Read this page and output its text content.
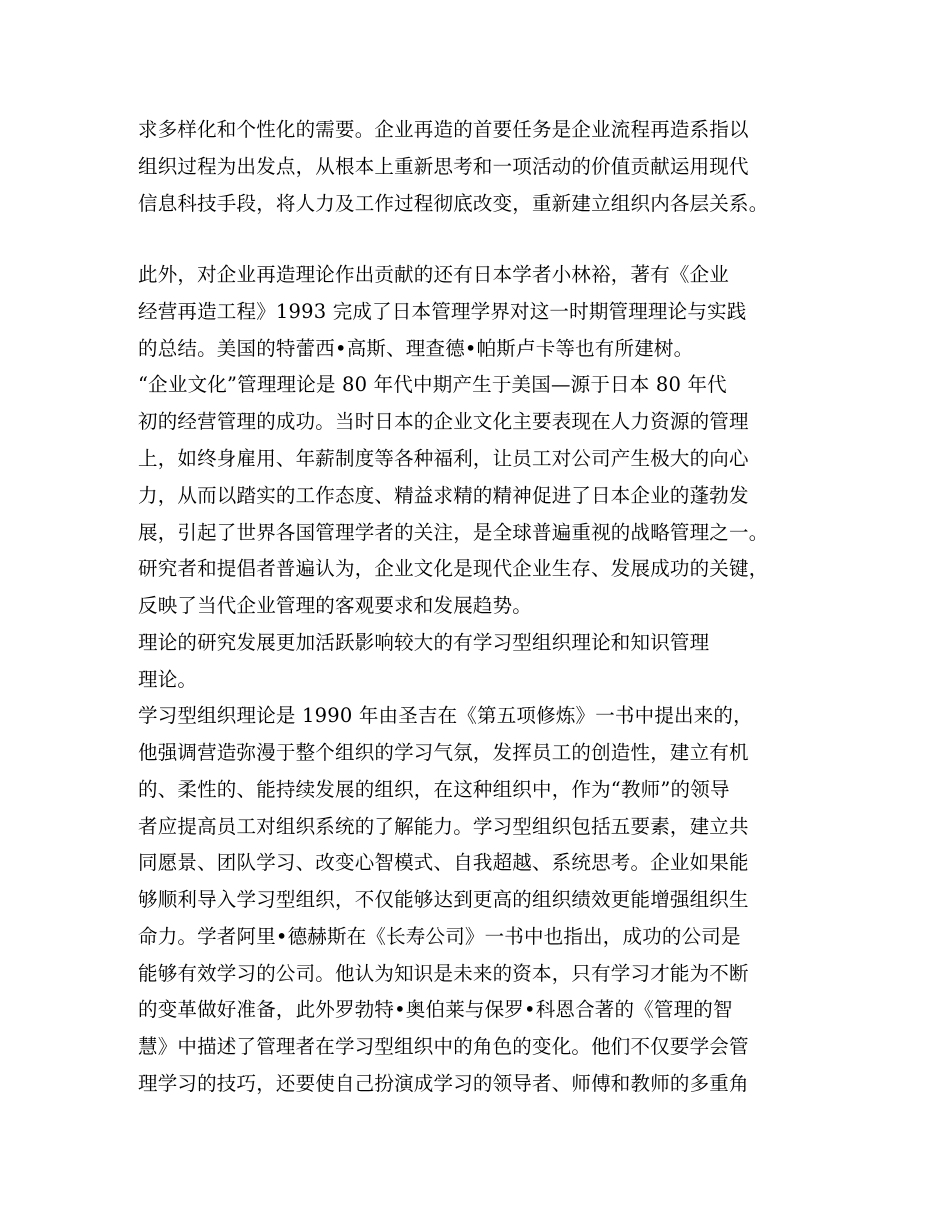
求多样化和个性化的需要。企业再造的首要任务是企业流程再造系指以
组织过程为出发点，从根本上重新思考和一项活动的价值贡献运用现代
信息科技手段，将人力及工作过程彻底改变，重新建立组织内各层关系。
此外，对企业再造理论作出贡献的还有日本学者小林裕，著有《企业
经营再造工程》1993 完成了日本管理学界对这一时期管理理论与实践
的总结。美国的特蕾西•高斯、理查德•帕斯卢卡等也有所建树。
“企业文化”管理理论是 80 年代中期产生于美国—源于日本 80 年代
初的经营管理的成功。当时日本的企业文化主要表现在人力资源的管理
上，如终身雇用、年薪制度等各种福利，让员工对公司产生极大的向心
力，从而以踏实的工作态度、精益求精的精神促进了日本企业的蓬勃发
展，引起了世界各国管理学者的关注，是全球普遍重视的战略管理之一。
研究者和提倡者普遍认为，企业文化是现代企业生存、发展成功的关键，
反映了当代企业管理的客观要求和发展趋势。
理论的研究发展更加活跃影响较大的有学习型组织理论和知识管理
理论。
学习型组织理论是 1990 年由圣吉在《第五项修炼》一书中提出来的，
他强调营造弥漫于整个组织的学习气氛，发挥员工的创造性，建立有机
的、柔性的、能持续发展的组织，在这种组织中，作为“教师”的领导
者应提高员工对组织系统的了解能力。学习型组织包括五要素，建立共
同愿景、团队学习、改变心智模式、自我超越、系统思考。企业如果能
够顺利导入学习型组织，不仅能够达到更高的组织绩效更能增强组织生
命力。学者阿里•德赫斯在《长寿公司》一书中也指出，成功的公司是
能够有效学习的公司。他认为知识是未来的资本，只有学习才能为不断
的变革做好准备，此外罗勃特•奥伯莱与保罗•科恩合著的《管理的智
慧》中描述了管理者在学习型组织中的角色的变化。他们不仅要学会管
理学习的技巧，还要使自己扮演成学习的领导者、师傅和教师的多重角
